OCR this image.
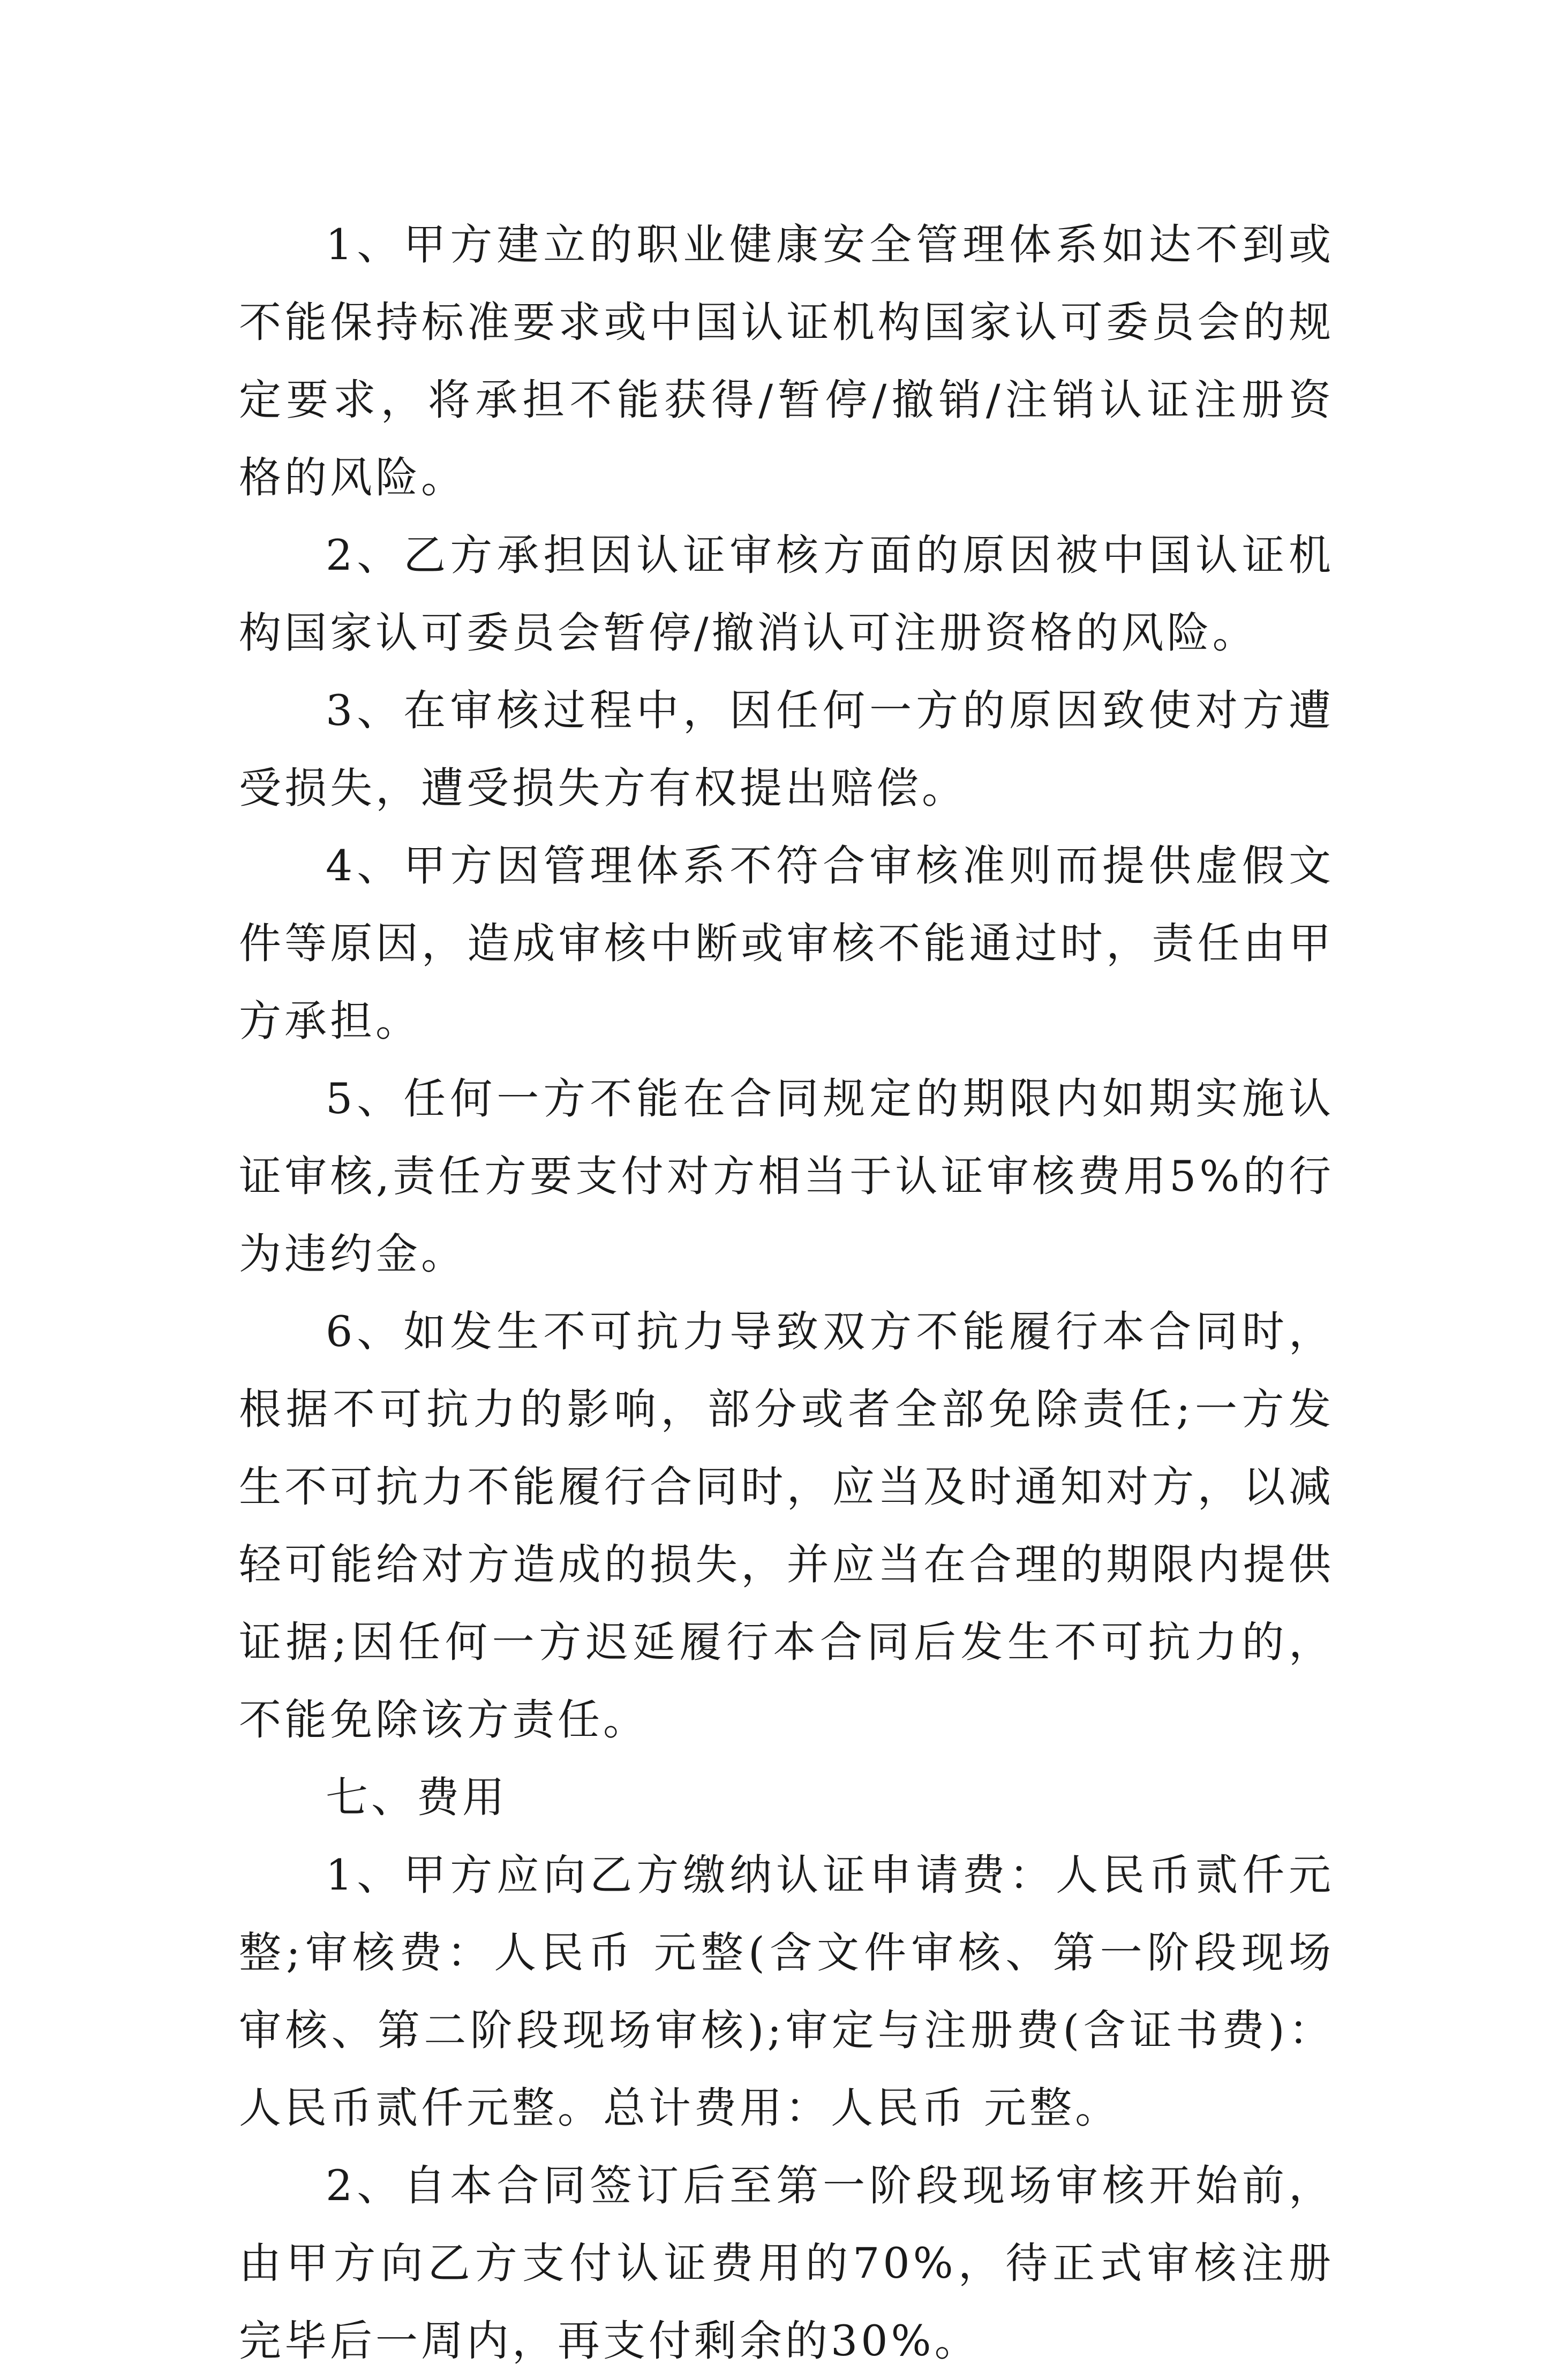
1、甲方建立的职业健康安全管理体系如达不到或不能保持标准要求或中国认证机构国家认可委员会的规定要求，将承担不能获得/暂停/撤销/注销认证注册资格的风险。

2、乙方承担因认证审核方面的原因被中国认证机构国家认可委员会暂停/撤消认可注册资格的风险。

3、在审核过程中，因任何一方的原因致使对方遭受损失，遭受损失方有权提出赔偿。

4、甲方因管理体系不符合审核准则而提供虚假文件等原因，造成审核中断或审核不能通过时，责任由甲方承担。

5、任何一方不能在合同规定的期限内如期实施认证审核,责任方要支付对方相当于认证审核费用5%的行为违约金。

6、如发生不可抗力导致双方不能履行本合同时，根据不可抗力的影响，部分或者全部免除责任;一方发生不可抗力不能履行合同时，应当及时通知对方，以减轻可能给对方造成的损失，并应当在合理的期限内提供证据;因任何一方迟延履行本合同后发生不可抗力的，不能免除该方责任。

七、费用

1、甲方应向乙方缴纳认证申请费：人民币贰仟元整;审核费：人民币 元整(含文件审核、第一阶段现场审核、第二阶段现场审核);审定与注册费(含证书费)：人民币贰仟元整。总计费用：人民币 元整。

2、自本合同签订后至第一阶段现场审核开始前，由甲方向乙方支付认证费用的70%，待正式审核注册完毕后一周内，再支付剩余的30%。
